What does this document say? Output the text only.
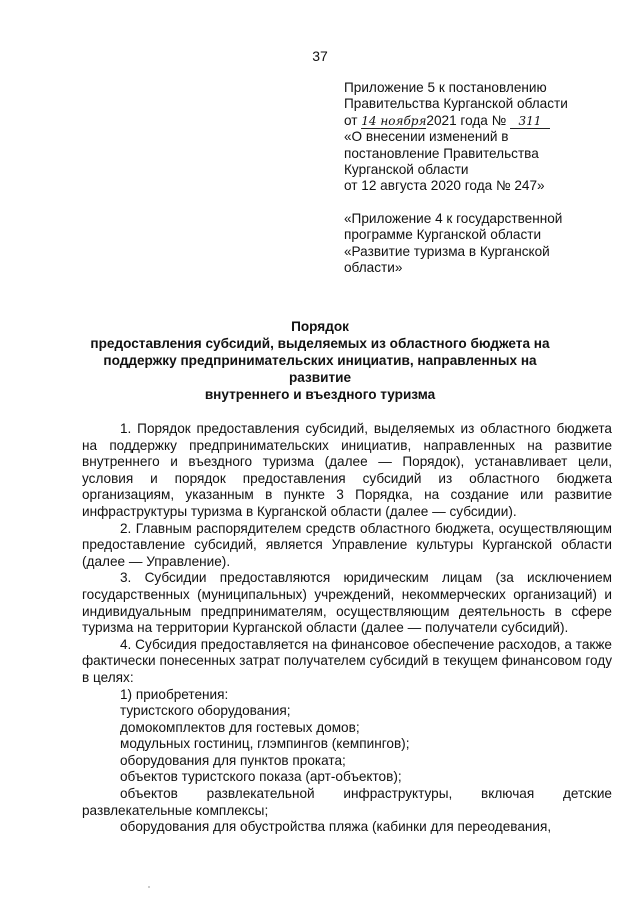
37
Приложение 5 к постановлению
Правительства Курганской области
от 14 ноября2021 года № 311
«О внесении изменений в
постановление Правительства
Курганской области
от 12 августа 2020 года № 247»
«Приложение 4 к государственной
программе Курганской области
«Развитие туризма в Курганской
области»
Порядок
предоставления субсидий, выделяемых из областного бюджета на
поддержку предпринимательских инициатив, направленных на развитие
внутреннего и въездного туризма

1. Порядок предоставления субсидий, выделяемых из областного бюджета на поддержку предпринимательских инициатив, направленных на развитие внутреннего и въездного туризма (далее — Порядок), устанавливает цели, условия и порядок предоставления субсидий из областного бюджета организациям, указанным в пункте 3 Порядка, на создание или развитие инфраструктуры туризма в Курганской области (далее — субсидии).

2. Главным распорядителем средств областного бюджета, осуществляющим предоставление субсидий, является Управление культуры Курганской области (далее — Управление).

3. Субсидии предоставляются юридическим лицам (за исключением государственных (муниципальных) учреждений, некоммерческих организаций) и индивидуальным предпринимателям, осуществляющим деятельность в сфере туризма на территории Курганской области (далее — получатели субсидий).

4. Субсидия предоставляется на финансовое обеспечение расходов, а также фактически понесенных затрат получателем субсидий в текущем финансовом году в целях:

1) приобретения:

туристского оборудования;

домокомплектов для гостевых домов;

модульных гостиниц, глэмпингов (кемпингов);

оборудования для пунктов проката;

объектов туристского показа (арт-объектов);

объектов развлекательной инфраструктуры, включая детские развлекательные комплексы;

оборудования для обустройства пляжа (кабинки для переодевания,
